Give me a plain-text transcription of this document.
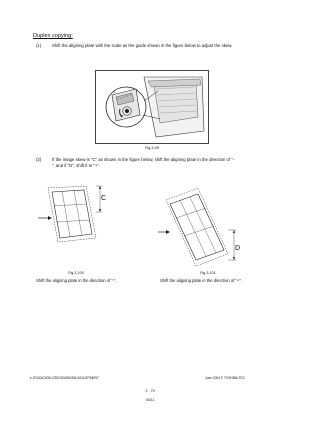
Duplex copying:
(1) Shift the aligning plate with the scale as the guide shown in the figure below to adjust the skew.
+
-
Fig.3-99
(2) If the image skew is "C" as shown in the figure below, shift the aligning plate in the direction of "-
", and if "D", shift it to "+".
C
Fig.3-100
Shift the aligning plate in the direction of "-".
D
Fig.3-101
Shift the aligning plate in the direction of "+".
e-STUDIO200L/230/230/280/350 ADJUSTMENT	June 2004 © TOSHIBA TEC
3 - 79
05/11
